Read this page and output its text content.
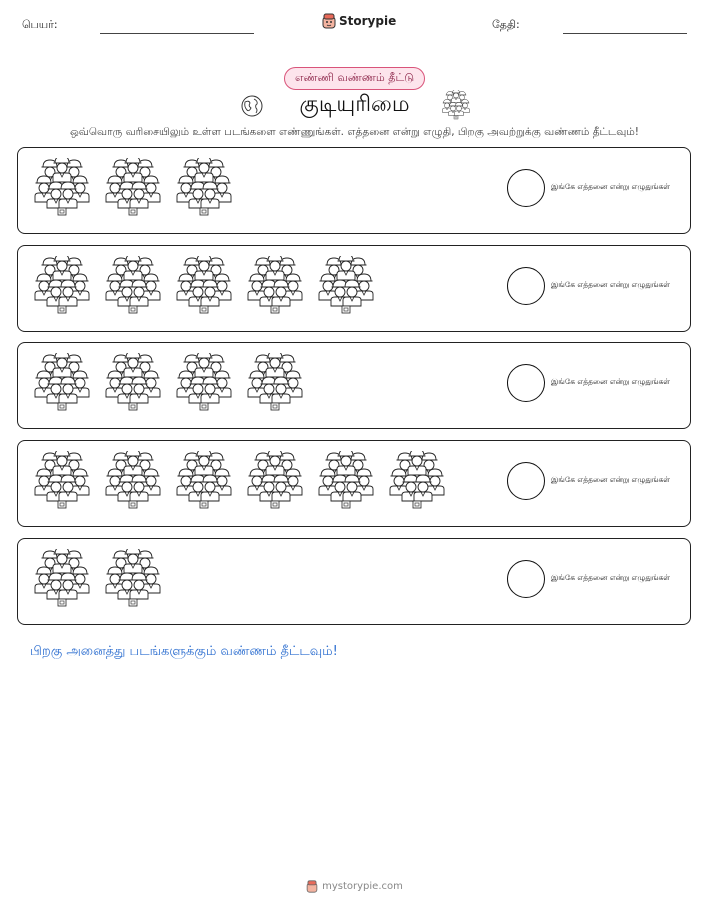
பெயர்:	Storypie	தேதி:
எண்ணி வண்ணம் தீட்டு
குடியுரிமை
ஒவ்வொரு வரிசையிலும் உள்ள படங்களை எண்ணுங்கள். எத்தனை என்று எழுதி, பிறகு அவற்றுக்கு வண்ணம் தீட்டவும்!
இங்கே எத்தனை என்று எழுதுங்கள்
இங்கே எத்தனை என்று எழுதுங்கள்
இங்கே எத்தனை என்று எழுதுங்கள்
இங்கே எத்தனை என்று எழுதுங்கள்
இங்கே எத்தனை என்று எழுதுங்கள்
பிறகு அனைத்து படங்களுக்கும் வண்ணம் தீட்டவும்!
mystorypie.com
